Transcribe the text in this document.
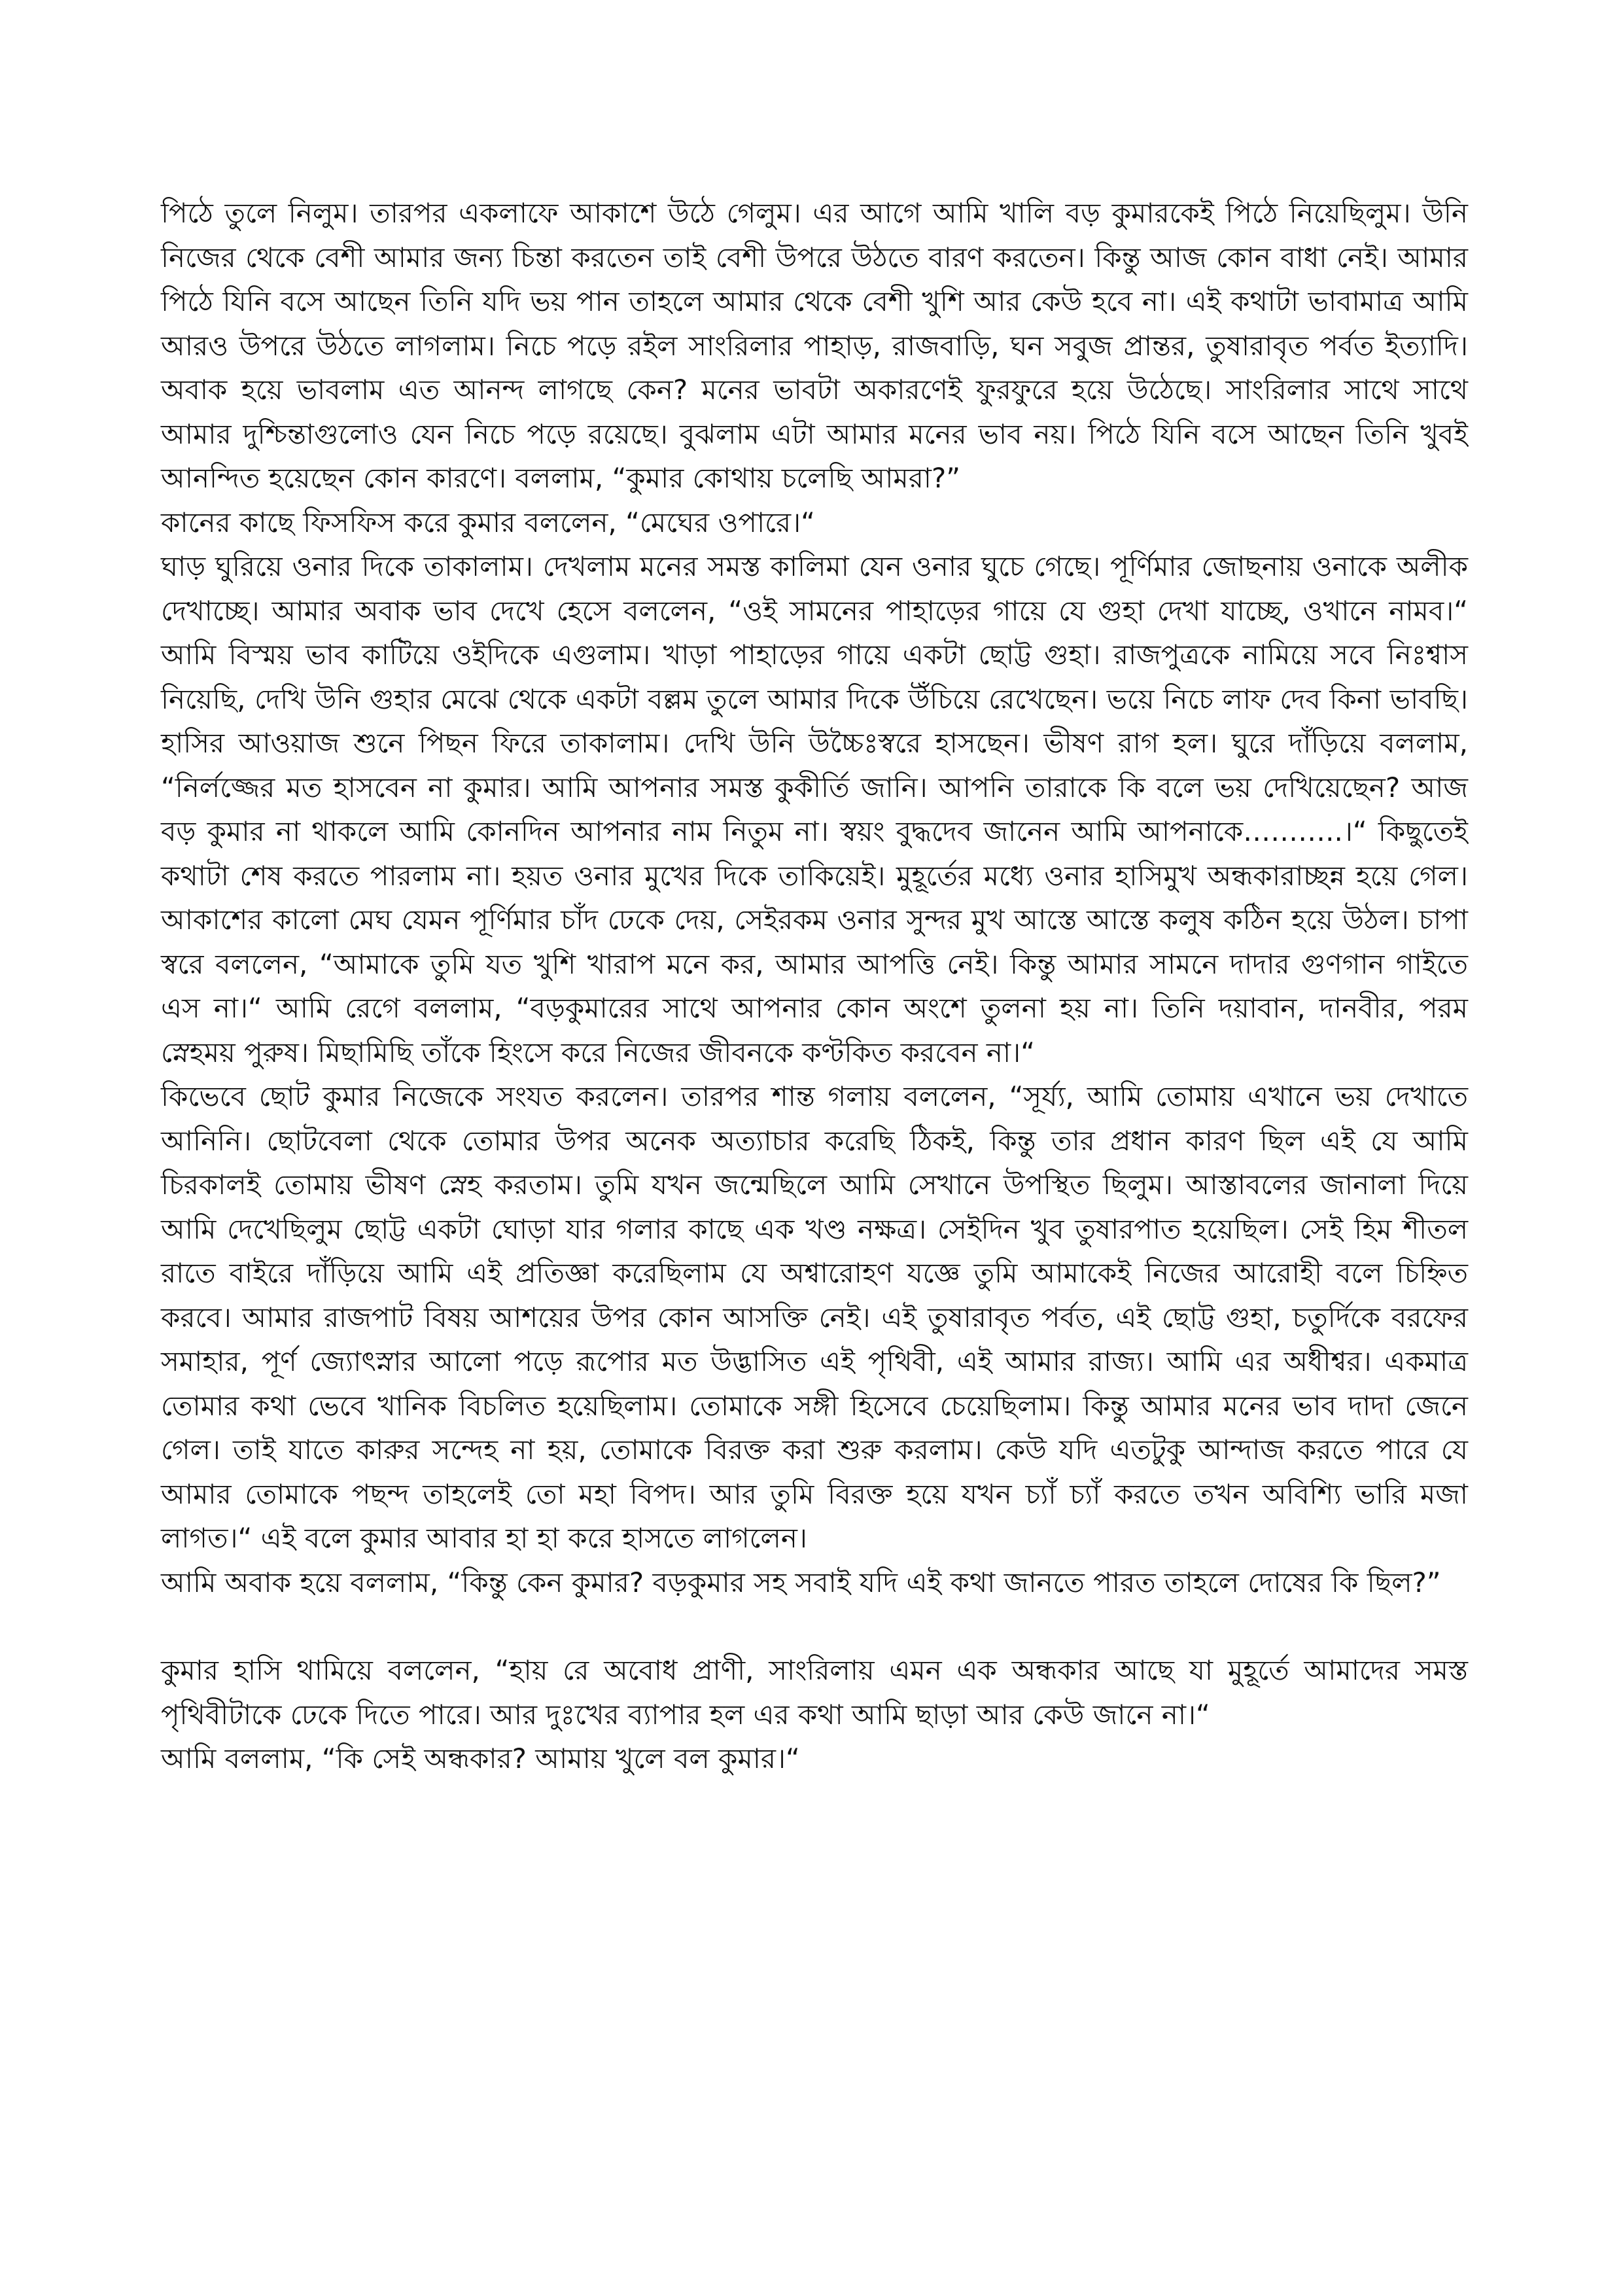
পিঠে তুলে নিলুম। তারপর একলাফে আকাশে উঠে গেলুম। এর আগে আমি খালি বড় কুমারকেই পিঠে নিয়েছিলুম। উনি নিজের থেকে বেশী আমার জন্য চিন্তা করতেন তাই বেশী উপরে উঠতে বারণ করতেন। কিন্তু আজ কোন বাধা নেই। আমার পিঠে যিনি বসে আছেন তিনি যদি ভয় পান তাহলে আমার থেকে বেশী খুশি আর কেউ হবে না। এই কথাটা ভাবামাত্র আমি আরও উপরে উঠতে লাগলাম। নিচে পড়ে রইল সাংরিলার পাহাড়, রাজবাড়ি, ঘন সবুজ প্রান্তর, তুষারাবৃত পর্বত ইত্যাদি। অবাক হয়ে ভাবলাম এত আনন্দ লাগছে কেন? মনের ভাবটা অকারণেই ফুরফুরে হয়ে উঠেছে। সাংরিলার সাথে সাথে আমার দুশ্চিন্তাগুলোও যেন নিচে পড়ে রয়েছে। বুঝলাম এটা আমার মনের ভাব নয়। পিঠে যিনি বসে আছেন তিনি খুবই আনন্দিত হয়েছেন কোন কারণে। বললাম, “কুমার কোথায় চলেছি আমরা?”

কানের কাছে ফিসফিস করে কুমার বললেন, “মেঘের ওপারে।“

ঘাড় ঘুরিয়ে ওনার দিকে তাকালাম। দেখলাম মনের সমস্ত কালিমা যেন ওনার ঘুচে গেছে। পূর্ণিমার জোছনায় ওনাকে অলীক দেখাচ্ছে। আমার অবাক ভাব দেখে হেসে বললেন, “ওই সামনের পাহাড়ের গায়ে যে গুহা দেখা যাচ্ছে, ওখানে নামব।“ আমি বিস্ময় ভাব কাটিয়ে ওইদিকে এগুলাম। খাড়া পাহাড়ের গায়ে একটা ছোট্ট গুহা। রাজপুত্রকে নামিয়ে সবে নিঃশ্বাস নিয়েছি, দেখি উনি গুহার মেঝে থেকে একটা বল্লম তুলে আমার দিকে উঁচিয়ে রেখেছেন। ভয়ে নিচে লাফ দেব কিনা ভাবছি। হাসির আওয়াজ শুনে পিছন ফিরে তাকালাম। দেখি উনি উচ্চৈঃস্বরে হাসছেন। ভীষণ রাগ হল। ঘুরে দাঁড়িয়ে বললাম, “নির্লজ্জের মত হাসবেন না কুমার। আমি আপনার সমস্ত কুকীর্তি জানি। আপনি তারাকে কি বলে ভয় দেখিয়েছেন? আজ বড় কুমার না থাকলে আমি কোনদিন আপনার নাম নিতুম না। স্বয়ং বুদ্ধদেব জানেন আমি আপনাকে………..।“ কিছুতেই কথাটা শেষ করতে পারলাম না। হয়ত ওনার মুখের দিকে তাকিয়েই। মুহূর্তের মধ্যে ওনার হাসিমুখ অন্ধকারাচ্ছন্ন হয়ে গেল। আকাশের কালো মেঘ যেমন পূর্ণিমার চাঁদ ঢেকে দেয়, সেইরকম ওনার সুন্দর মুখ আস্তে আস্তে কলুষ কঠিন হয়ে উঠল। চাপা স্বরে বললেন, “আমাকে তুমি যত খুশি খারাপ মনে কর, আমার আপত্তি নেই। কিন্তু আমার সামনে দাদার গুণগান গাইতে এস না।“ আমি রেগে বললাম, “বড়কুমারের সাথে আপনার কোন অংশে তুলনা হয় না। তিনি দয়াবান, দানবীর, পরম স্নেহময় পুরুষ। মিছামিছি তাঁকে হিংসে করে নিজের জীবনকে কণ্টকিত করবেন না।“

কিভেবে ছোট কুমার নিজেকে সংযত করলেন। তারপর শান্ত গলায় বললেন, “সূর্য্য, আমি তোমায় এখানে ভয় দেখাতে আনিনি। ছোটবেলা থেকে তোমার উপর অনেক অত্যাচার করেছি ঠিকই, কিন্তু তার প্রধান কারণ ছিল এই যে আমি চিরকালই তোমায় ভীষণ স্নেহ করতাম। তুমি যখন জন্মেছিলে আমি সেখানে উপস্থিত ছিলুম। আস্তাবলের জানালা দিয়ে আমি দেখেছিলুম ছোট্ট একটা ঘোড়া যার গলার কাছে এক খণ্ড নক্ষত্র। সেইদিন খুব তুষারপাত হয়েছিল। সেই হিম শীতল রাতে বাইরে দাঁড়িয়ে আমি এই প্রতিজ্ঞা করেছিলাম যে অশ্বারোহণ যজ্ঞে তুমি আমাকেই নিজের আরোহী বলে চিহ্নিত করবে। আমার রাজপাট বিষয় আশয়ের উপর কোন আসক্তি নেই। এই তুষারাবৃত পর্বত, এই ছোট্ট গুহা, চতুর্দিকে বরফের সমাহার, পূর্ণ জ্যোৎস্নার আলো পড়ে রূপোর মত উদ্ভাসিত এই পৃথিবী, এই আমার রাজ্য। আমি এর অধীশ্বর। একমাত্র তোমার কথা ভেবে খানিক বিচলিত হয়েছিলাম। তোমাকে সঙ্গী হিসেবে চেয়েছিলাম। কিন্তু আমার মনের ভাব দাদা জেনে গেল। তাই যাতে কারুর সন্দেহ না হয়, তোমাকে বিরক্ত করা শুরু করলাম। কেউ যদি এতটুকু আন্দাজ করতে পারে যে আমার তোমাকে পছন্দ তাহলেই তো মহা বিপদ। আর তুমি বিরক্ত হয়ে যখন চ্যাঁ চ্যাঁ করতে তখন অবিশ্যি ভারি মজা লাগত।“ এই বলে কুমার আবার হা হা করে হাসতে লাগলেন।

আমি অবাক হয়ে বললাম, “কিন্তু কেন কুমার? বড়কুমার সহ সবাই যদি এই কথা জানতে পারত তাহলে দোষের কি ছিল?”

কুমার হাসি থামিয়ে বললেন, “হায় রে অবোধ প্রাণী, সাংরিলায় এমন এক অন্ধকার আছে যা মুহূর্তে আমাদের সমস্ত পৃথিবীটাকে ঢেকে দিতে পারে। আর দুঃখের ব্যাপার হল এর কথা আমি ছাড়া আর কেউ জানে না।“

আমি বললাম, “কি সেই অন্ধকার? আমায় খুলে বল কুমার।“
